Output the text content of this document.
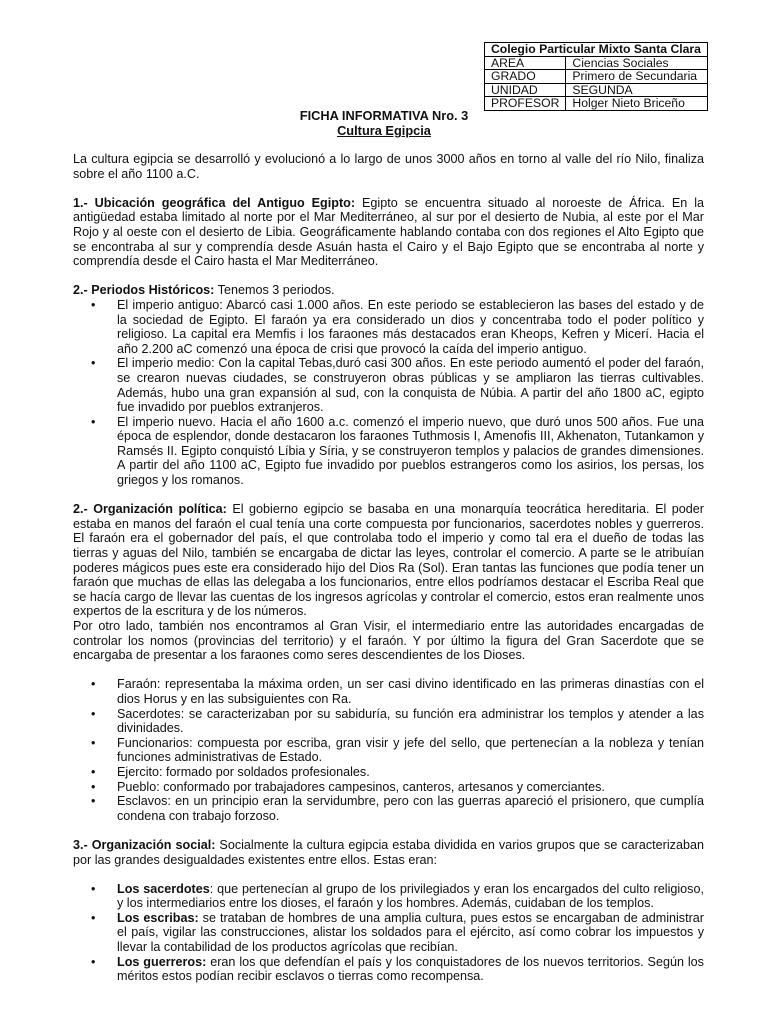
Colegio Particular Mixto Santa Clara	
AREA	Ciencias Sociales
GRADO	Primero de Secundaria
UNIDAD	SEGUNDA
PROFESOR	Holger Nieto Briceño
FICHA INFORMATIVA Nro. 3
Cultura Egipcia

La cultura egipcia se desarrolló y evolucionó a lo largo de unos 3000 años en torno al valle del río Nilo, finaliza sobre el año 1100 a.C.

1.- Ubicación geográfica del Antiguo Egipto: Egipto se encuentra situado al noroeste de África. En la antigüedad estaba limitado al norte por el Mar Mediterráneo, al sur por el desierto de Nubia, al este por el Mar Rojo y al oeste con el desierto de Libia. Geográficamente hablando contaba con dos regiones el Alto Egipto que se encontraba al sur y comprendía desde Asuán hasta el Cairo y el Bajo Egipto que se encontraba al norte y comprendía desde el Cairo hasta el Mar Mediterráneo.

2.- Periodos Históricos: Tenemos 3 periodos.

• El imperio antiguo: Abarcó casi 1.000 años. En este periodo se establecieron las bases del estado y de la sociedad de Egipto. El faraón ya era considerado un dios y concentraba todo el poder político y religioso. La capital era Memfis i los faraones más destacados eran Kheops, Kefren y Micerí. Hacia el año 2.200 aC comenzó una época de crisi que provocó la caída del imperio antiguo.
• El imperio medio: Con la capital Tebas,duró casi 300 años. En este periodo aumentó el poder del faraón, se crearon nuevas ciudades, se construyeron obras públicas y se ampliaron las tierras cultivables. Además, hubo una gran expansión al sud, con la conquista de Núbia. A partir del año 1800 aC, egipto fue invadido por pueblos extranjeros.
• El imperio nuevo. Hacia el año 1600 a.c. comenzó el imperio nuevo, que duró unos 500 años. Fue una época de esplendor, donde destacaron los faraones Tuthmosis I, Amenofis III, Akhenaton, Tutankamon y Ramsés II. Egipto conquistó Líbia y Síria, y se construyeron templos y palacios de grandes dimensiones. A partir del año 1100 aC, Egipto fue invadido por pueblos estrangeros como los asirios, los persas, los griegos y los romanos.

2.- Organización política: El gobierno egipcio se basaba en una monarquía teocrática hereditaria. El poder estaba en manos del faraón el cual tenía una corte compuesta por funcionarios, sacerdotes nobles y guerreros. El faraón era el gobernador del país, el que controlaba todo el imperio y como tal era el dueño de todas las tierras y aguas del Nilo, también se encargaba de dictar las leyes, controlar el comercio. A parte se le atribuían poderes mágicos pues este era considerado hijo del Dios Ra (Sol). Eran tantas las funciones que podía tener un faraón que muchas de ellas las delegaba a los funcionarios, entre ellos podríamos destacar el Escriba Real que se hacía cargo de llevar las cuentas de los ingresos agrícolas y controlar el comercio, estos eran realmente unos expertos de la escritura y de los números.

Por otro lado, también nos encontramos al Gran Visir, el intermediario entre las autoridades encargadas de controlar los nomos (provincias del territorio) y el faraón. Y por último la figura del Gran Sacerdote que se encargaba de presentar a los faraones como seres descendientes de los Dioses.

• Faraón: representaba la máxima orden, un ser casi divino identificado en las primeras dinastías con el dios Horus y en las subsiguientes con Ra.
• Sacerdotes: se caracterizaban por su sabiduría, su función era administrar los templos y atender a las divinidades.
• Funcionarios: compuesta por escriba, gran visir y jefe del sello, que pertenecían a la nobleza y tenían funciones administrativas de Estado.
• Ejercito: formado por soldados profesionales.
• Pueblo: conformado por trabajadores campesinos, canteros, artesanos y comerciantes.
• Esclavos: en un principio eran la servidumbre, pero con las guerras apareció el prisionero, que cumplía condena con trabajo forzoso.

3.- Organización social: Socialmente la cultura egipcia estaba dividida en varios grupos que se caracterizaban por las grandes desigualdades existentes entre ellos. Estas eran:

• Los sacerdotes: que pertenecían al grupo de los privilegiados y eran los encargados del culto religioso, y los intermediarios entre los dioses, el faraón y los hombres. Además, cuidaban de los templos.
• Los escribas: se trataban de hombres de una amplia cultura, pues estos se encargaban de administrar el país, vigilar las construcciones, alistar los soldados para el ejército, así como cobrar los impuestos y llevar la contabilidad de los productos agrícolas que recibían.
• Los guerreros: eran los que defendían el país y los conquistadores de los nuevos territorios. Según los méritos estos podían recibir esclavos o tierras como recompensa.
